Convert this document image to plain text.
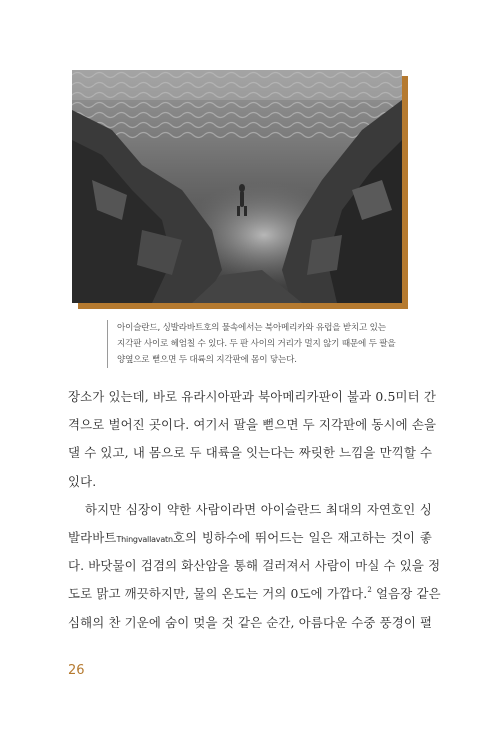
아이슬란드, 싱발라바트호의 물속에서는 북아메리카와 유럽을 받치고 있는 지각판 사이로 헤엄칠 수 있다. 두 판 사이의 거리가 멀지 않기 때문에 두 팔을 양옆으로 뻗으면 두 대륙의 지각판에 몸이 닿는다.
장소가 있는데, 바로 유라시아판과 북아메리카판이 불과 0.5미터 간
격으로 벌어진 곳이다. 여기서 팔을 뻗으면 두 지각판에 동시에 손을
댈 수 있고, 내 몸으로 두 대륙을 잇는다는 짜릿한 느낌을 만끽할 수
있다.
하지만 심장이 약한 사람이라면 아이슬란드 최대의 자연호인 싱
발라바트Thingvallavatn호의 빙하수에 뛰어드는 일은 재고하는 것이 좋
다. 바닷물이 검겸의 화산암을 통해 걸러져서 사람이 마실 수 있을 정
도로 맑고 깨끗하지만, 물의 온도는 거의 0도에 가깝다.$^2$ 얼음장 같은
심해의 찬 기운에 숨이 멎을 것 같은 순간, 아름다운 수중 풍경이 펼
26
